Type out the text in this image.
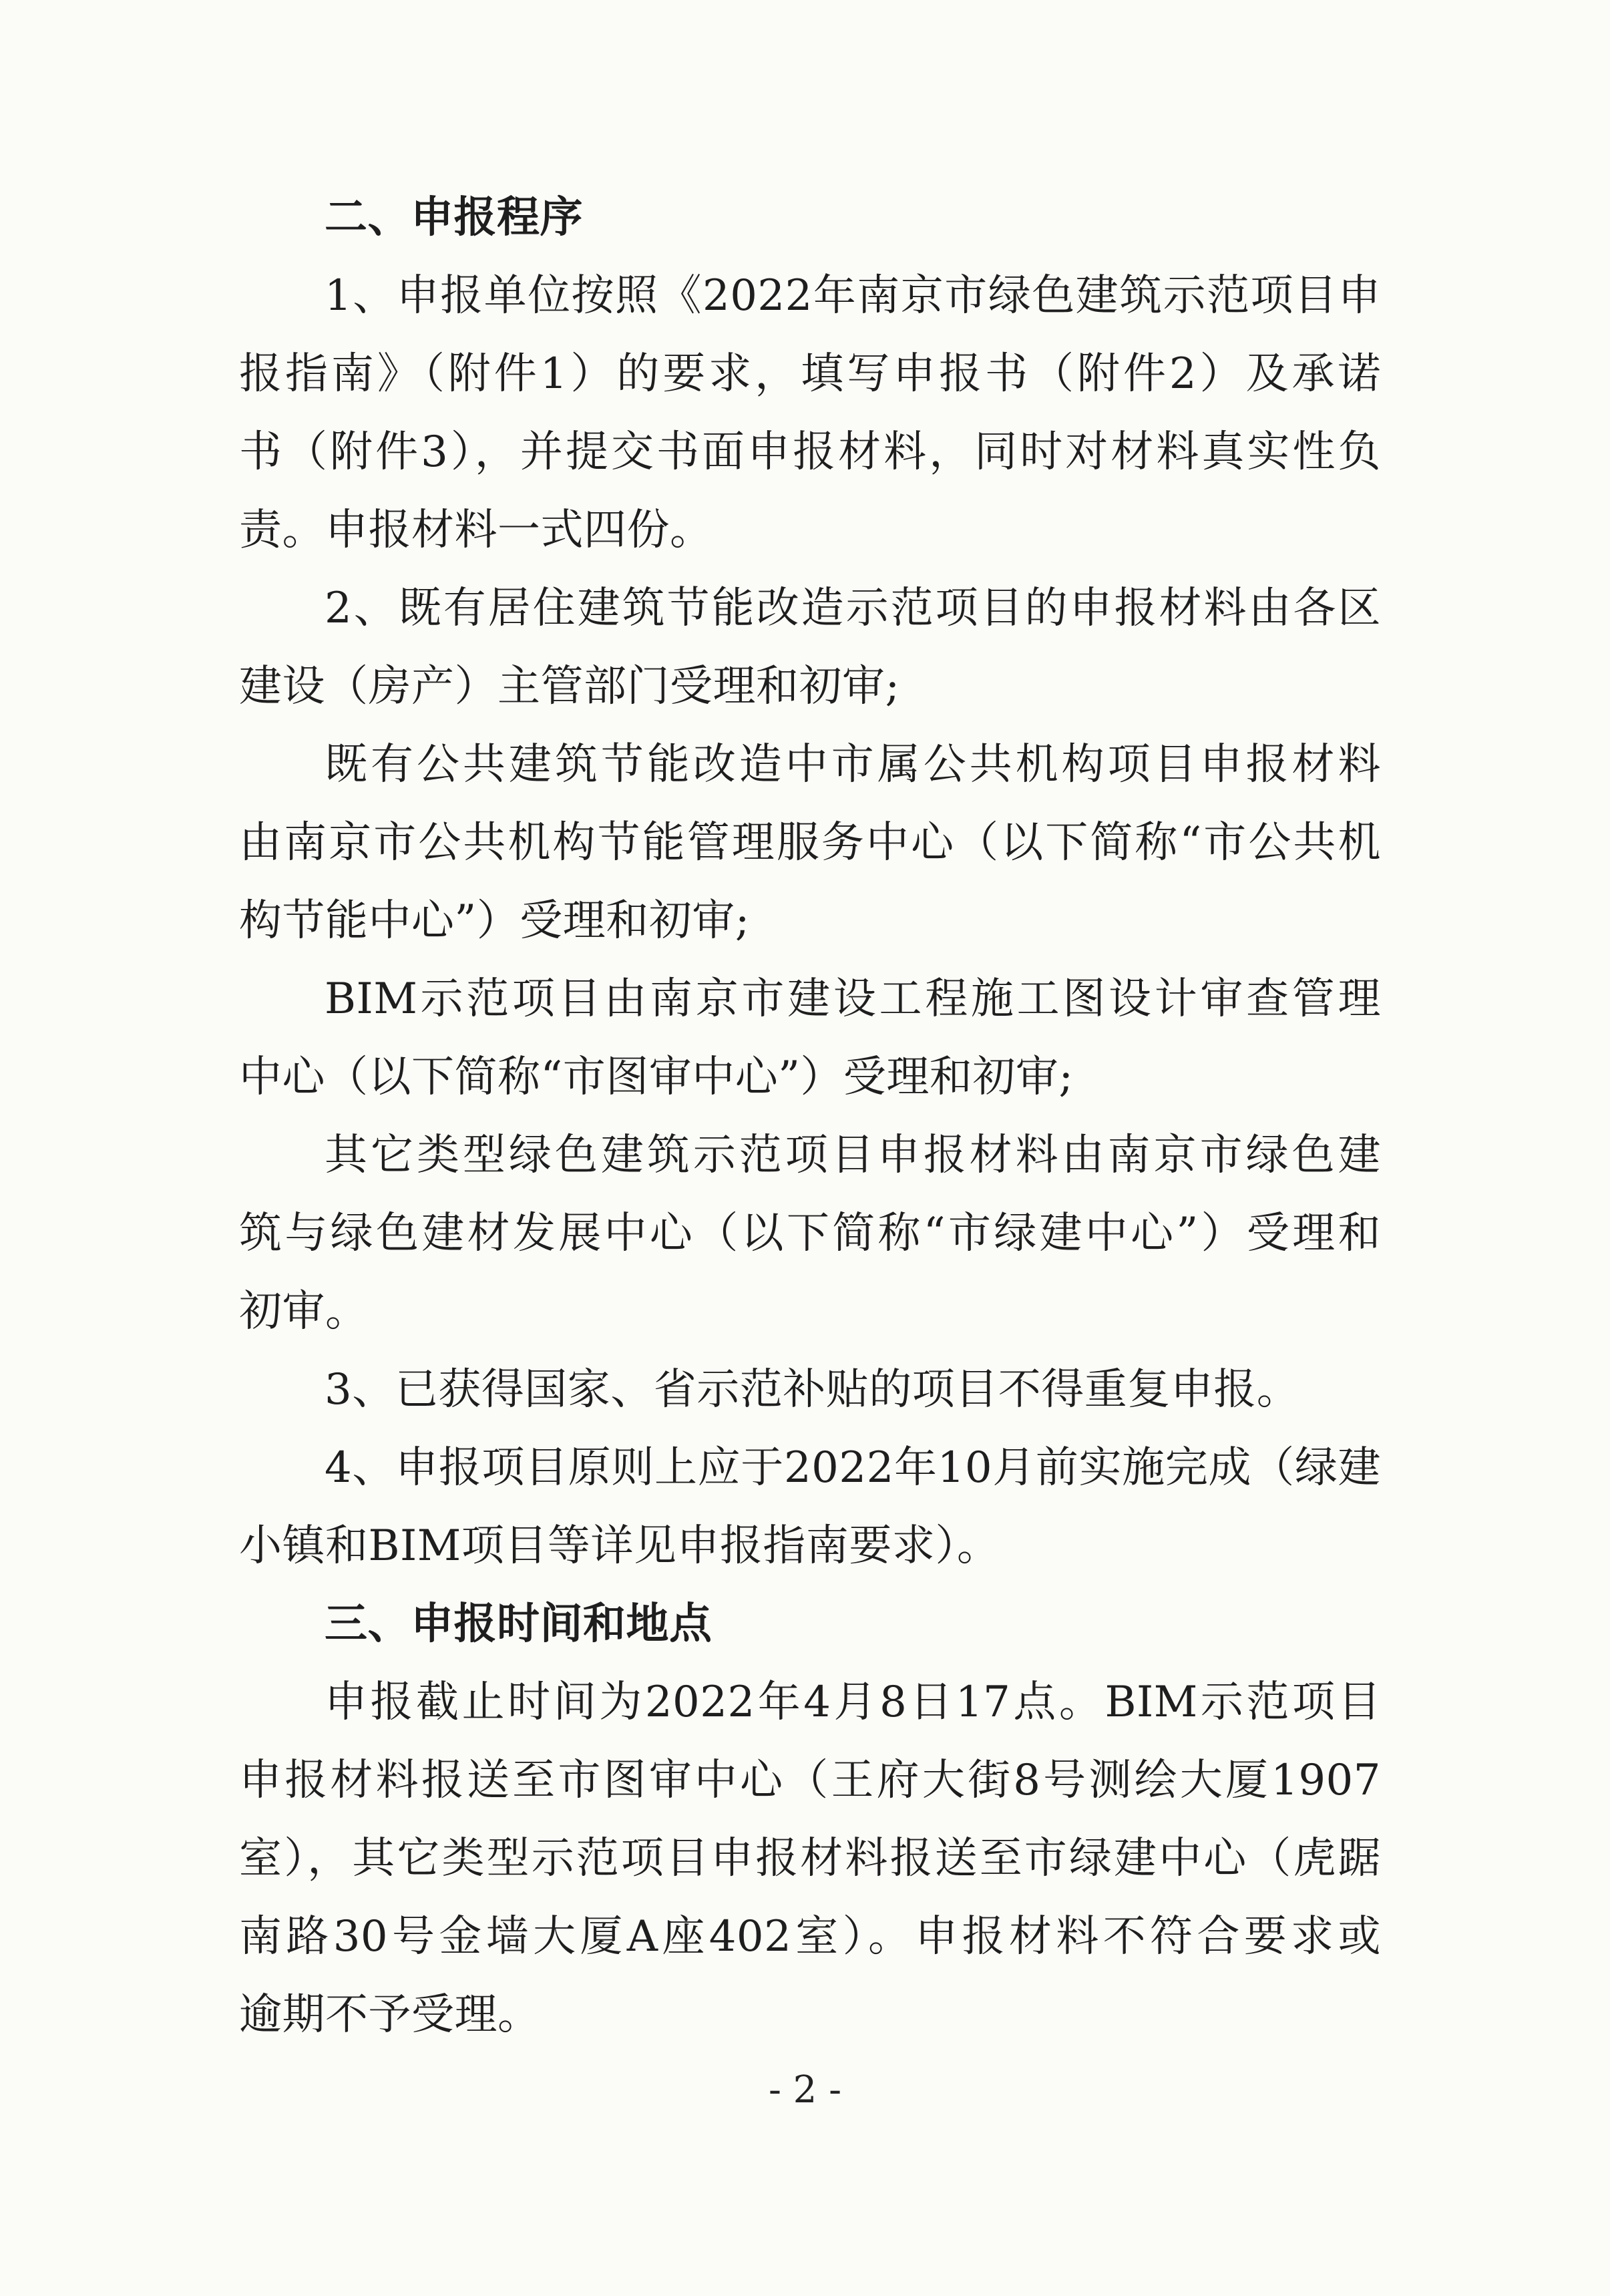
二、申报程序
1、申报单位按照《2022年南京市绿色建筑示范项目申
报指南》（附件1）的要求，填写申报书（附件2）及承诺
书（附件3），并提交书面申报材料，同时对材料真实性负
责。申报材料一式四份。
2、既有居住建筑节能改造示范项目的申报材料由各区
建设（房产）主管部门受理和初审;
既有公共建筑节能改造中市属公共机构项目申报材料
由南京市公共机构节能管理服务中心（以下简称“市公共机
构节能中心”）受理和初审;
BIM示范项目由南京市建设工程施工图设计审查管理
中心（以下简称“市图审中心”）受理和初审;
其它类型绿色建筑示范项目申报材料由南京市绿色建
筑与绿色建材发展中心（以下简称“市绿建中心”）受理和
初审。
3、已获得国家、省示范补贴的项目不得重复申报。
4、申报项目原则上应于2022年10月前实施完成（绿建
小镇和BIM项目等详见申报指南要求）。
三、申报时间和地点
申报截止时间为2022年4月8日17点。BIM示范项目
申报材料报送至市图审中心（王府大街8号测绘大厦1907
室），其它类型示范项目申报材料报送至市绿建中心（虎踞
南路30号金墙大厦A座402室）。申报材料不符合要求或
逾期不予受理。
- 2 -
